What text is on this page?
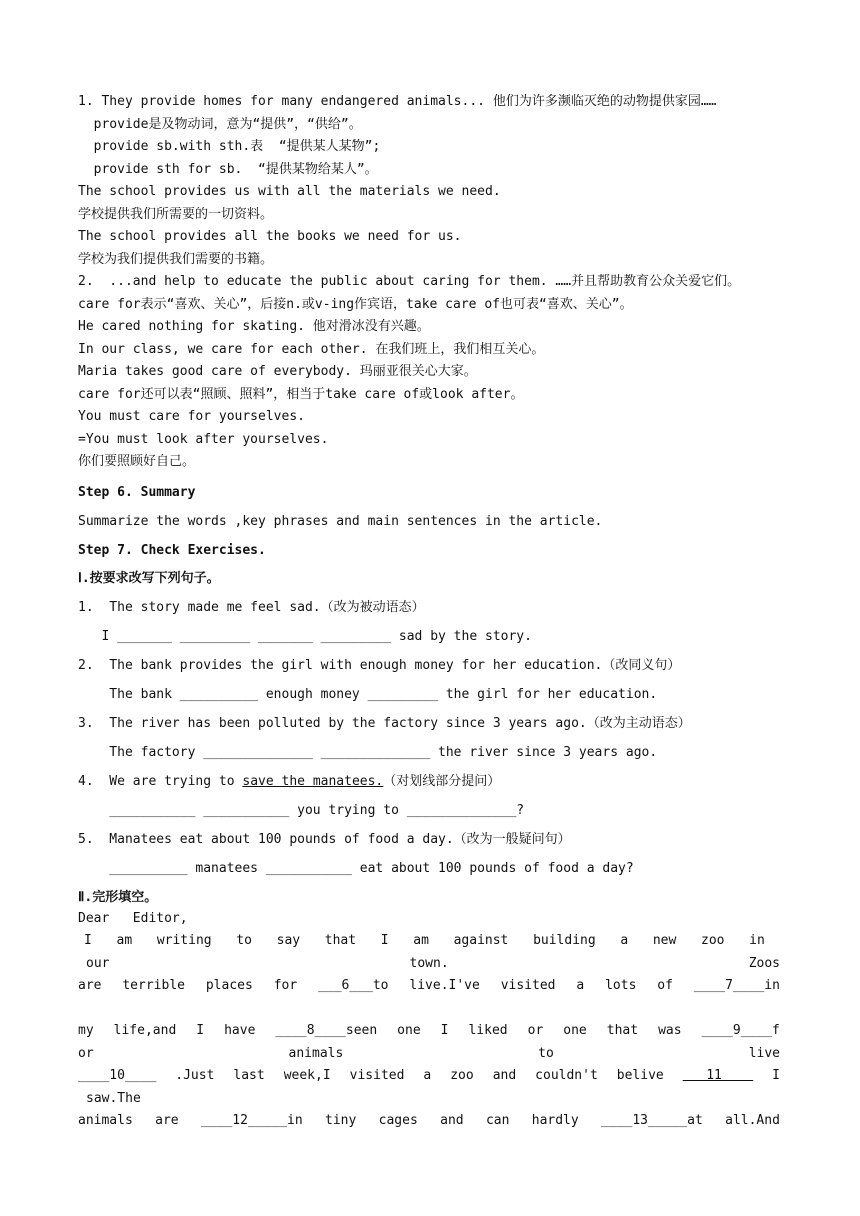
1. They provide homes for many endangered animals... 他们为许多濒临灭绝的动物提供家园……
provide是及物动词，意为“提供”，“供给”。
provide sb.with sth.表  “提供某人某物”;
provide sth for sb.  “提供某物给某人”。
The school provides us with all the materials we need.
学校提供我们所需要的一切资料。
The school provides all the books we need for us.
学校为我们提供我们需要的书籍。
2.  ...and help to educate the public about caring for them. ……并且帮助教育公众关爱它们。
care for表示“喜欢、关心”，后接n.或v-ing作宾语，take care of也可表“喜欢、关心”。
He cared nothing for skating. 他对滑冰没有兴趣。
In our class, we care for each other. 在我们班上，我们相互关心。
Maria takes good care of everybody. 玛丽亚很关心大家。
care for还可以表“照顾、照料”，相当于take care of或look after。
You must care for yourselves.
=You must look after yourselves.
你们要照顾好自己。
Step 6. Summary
Summarize the words ,key phrases and main sentences in the article.
Step 7. Check Exercises.
Ⅰ.按要求改写下列句子。
1.  The story made me feel sad.（改为被动语态）
I _______ _________ _______ _________ sad by the story.
2.  The bank provides the girl with enough money for her education.（改同义句）
The bank __________ enough money _________ the girl for her education.
3.  The river has been polluted by the factory since 3 years ago.（改为主动语态）
The factory ______________ ______________ the river since 3 years ago.
4.  We are trying to save the manatees.（对划线部分提问）
___________ ___________ you trying to ______________?
5.  Manatees eat about 100 pounds of food a day.（改为一般疑问句）
__________ manatees ___________ eat about 100 pounds of food a day?
Ⅱ.完形填空。
Dear   Editor,
I am writing to say that I am against building a new zoo in
our	town.	Zoos
are terrible places for ___6___to live.I've visited a lots of ____7____in
my life,and I have ____8____seen one I liked or one that was ____9____f
or	animals	to	live
____10____ .Just last week,I visited a zoo and couldn't belive 11 I
saw.The
animals are ____12_____in tiny cages and can hardly ____13_____at all.And
